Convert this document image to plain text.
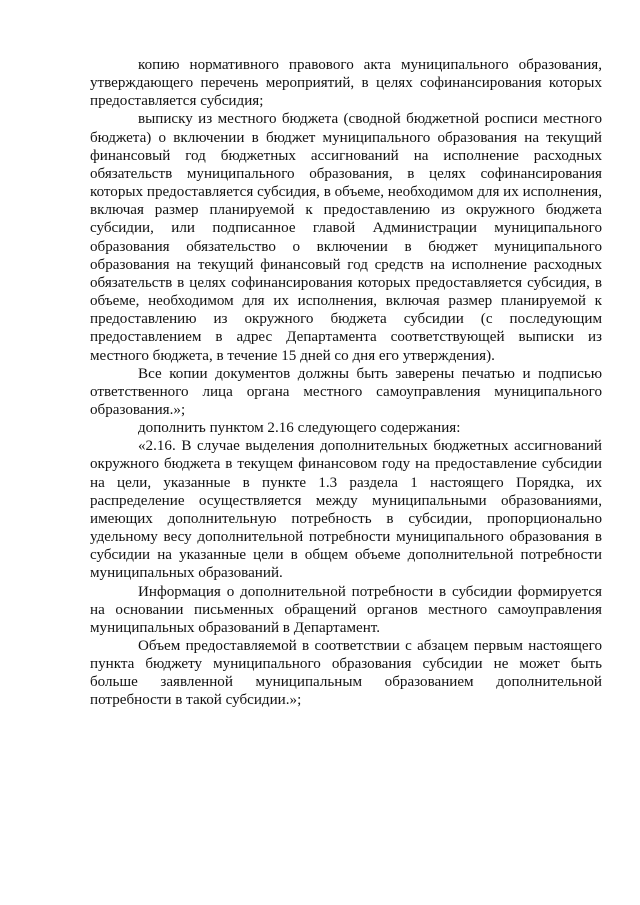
копию нормативного правового акта муниципального образования, утверждающего перечень мероприятий, в целях софинансирования которых предоставляется субсидия;

выписку из местного бюджета (сводной бюджетной росписи местного бюджета) о включении в бюджет муниципального образования на текущий финансовый год бюджетных ассигнований на исполнение расходных обязательств муниципального образования, в целях софинансирования которых предоставляется субсидия, в объеме, необходимом для их исполнения, включая размер планируемой к предоставлению из окружного бюджета субсидии, или подписанное главой Администрации муниципального образования обязательство о включении в бюджет муниципального образования на текущий финансовый год средств на исполнение расходных обязательств в целях софинансирования которых предоставляется субсидия, в объеме, необходимом для их исполнения, включая размер планируемой к предоставлению из окружного бюджета субсидии (с последующим предоставлением в адрес Департамента соответствующей выписки из местного бюджета, в течение 15 дней со дня его утверждения).

Все копии документов должны быть заверены печатью и подписью ответственного лица органа местного самоуправления муниципального образования.»;

дополнить пунктом 2.16 следующего содержания:

«2.16. В случае выделения дополнительных бюджетных ассигнований окружного бюджета в текущем финансовом году на предоставление субсидии на цели, указанные в пункте 1.3 раздела 1 настоящего Порядка, их распределение осуществляется между муниципальными образованиями, имеющих дополнительную потребность в субсидии, пропорционально удельному весу дополнительной потребности муниципального образования в субсидии на указанные цели в общем объеме дополнительной потребности муниципальных образований.

Информация о дополнительной потребности в субсидии формируется на основании письменных обращений органов местного самоуправления муниципальных образований в Департамент.

Объем предоставляемой в соответствии с абзацем первым настоящего пункта бюджету муниципального образования субсидии не может быть больше заявленной муниципальным образованием дополнительной потребности в такой субсидии.»;
